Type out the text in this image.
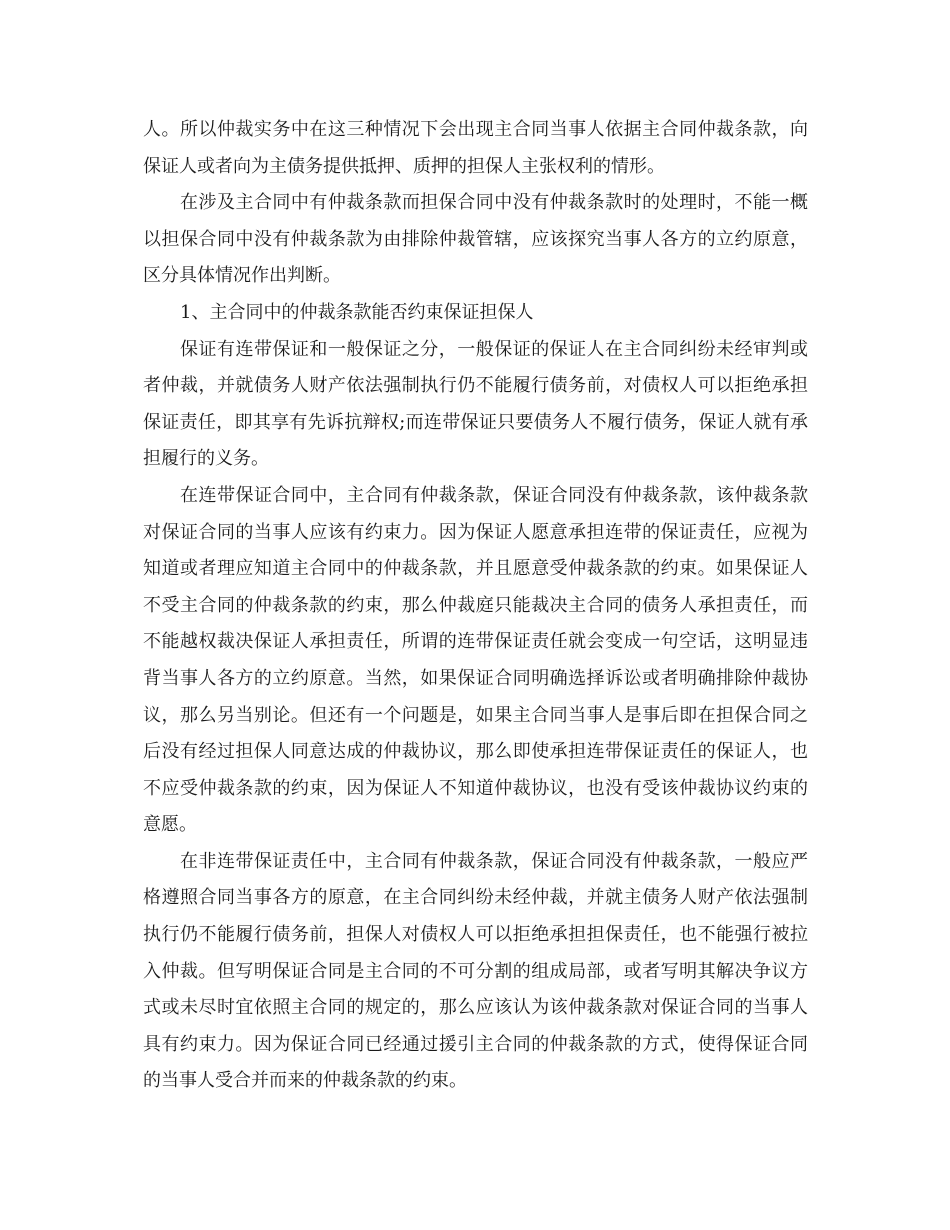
人。所以仲裁实务中在这三种情况下会出现主合同当事人依据主合同仲裁条款，向保证人或者向为主债务提供抵押、质押的担保人主张权利的情形。

在涉及主合同中有仲裁条款而担保合同中没有仲裁条款时的处理时，不能一概以担保合同中没有仲裁条款为由排除仲裁管辖，应该探究当事人各方的立约原意，区分具体情况作出判断。

1、主合同中的仲裁条款能否约束保证担保人

保证有连带保证和一般保证之分，一般保证的保证人在主合同纠纷未经审判或者仲裁，并就债务人财产依法强制执行仍不能履行债务前，对债权人可以拒绝承担保证责任，即其享有先诉抗辩权;而连带保证只要债务人不履行债务，保证人就有承担履行的义务。

在连带保证合同中，主合同有仲裁条款，保证合同没有仲裁条款，该仲裁条款对保证合同的当事人应该有约束力。因为保证人愿意承担连带的保证责任，应视为知道或者理应知道主合同中的仲裁条款，并且愿意受仲裁条款的约束。如果保证人不受主合同的仲裁条款的约束，那么仲裁庭只能裁决主合同的债务人承担责任，而不能越权裁决保证人承担责任，所谓的连带保证责任就会变成一句空话，这明显违背当事人各方的立约原意。当然，如果保证合同明确选择诉讼或者明确排除仲裁协议，那么另当别论。但还有一个问题是，如果主合同当事人是事后即在担保合同之后没有经过担保人同意达成的仲裁协议，那么即使承担连带保证责任的保证人，也不应受仲裁条款的约束，因为保证人不知道仲裁协议，也没有受该仲裁协议约束的意愿。

在非连带保证责任中，主合同有仲裁条款，保证合同没有仲裁条款，一般应严格遵照合同当事各方的原意，在主合同纠纷未经仲裁，并就主债务人财产依法强制执行仍不能履行债务前，担保人对债权人可以拒绝承担担保责任，也不能强行被拉入仲裁。但写明保证合同是主合同的不可分割的组成局部，或者写明其解决争议方式或未尽时宜依照主合同的规定的，那么应该认为该仲裁条款对保证合同的当事人具有约束力。因为保证合同已经通过援引主合同的仲裁条款的方式，使得保证合同的当事人受合并而来的仲裁条款的约束。
